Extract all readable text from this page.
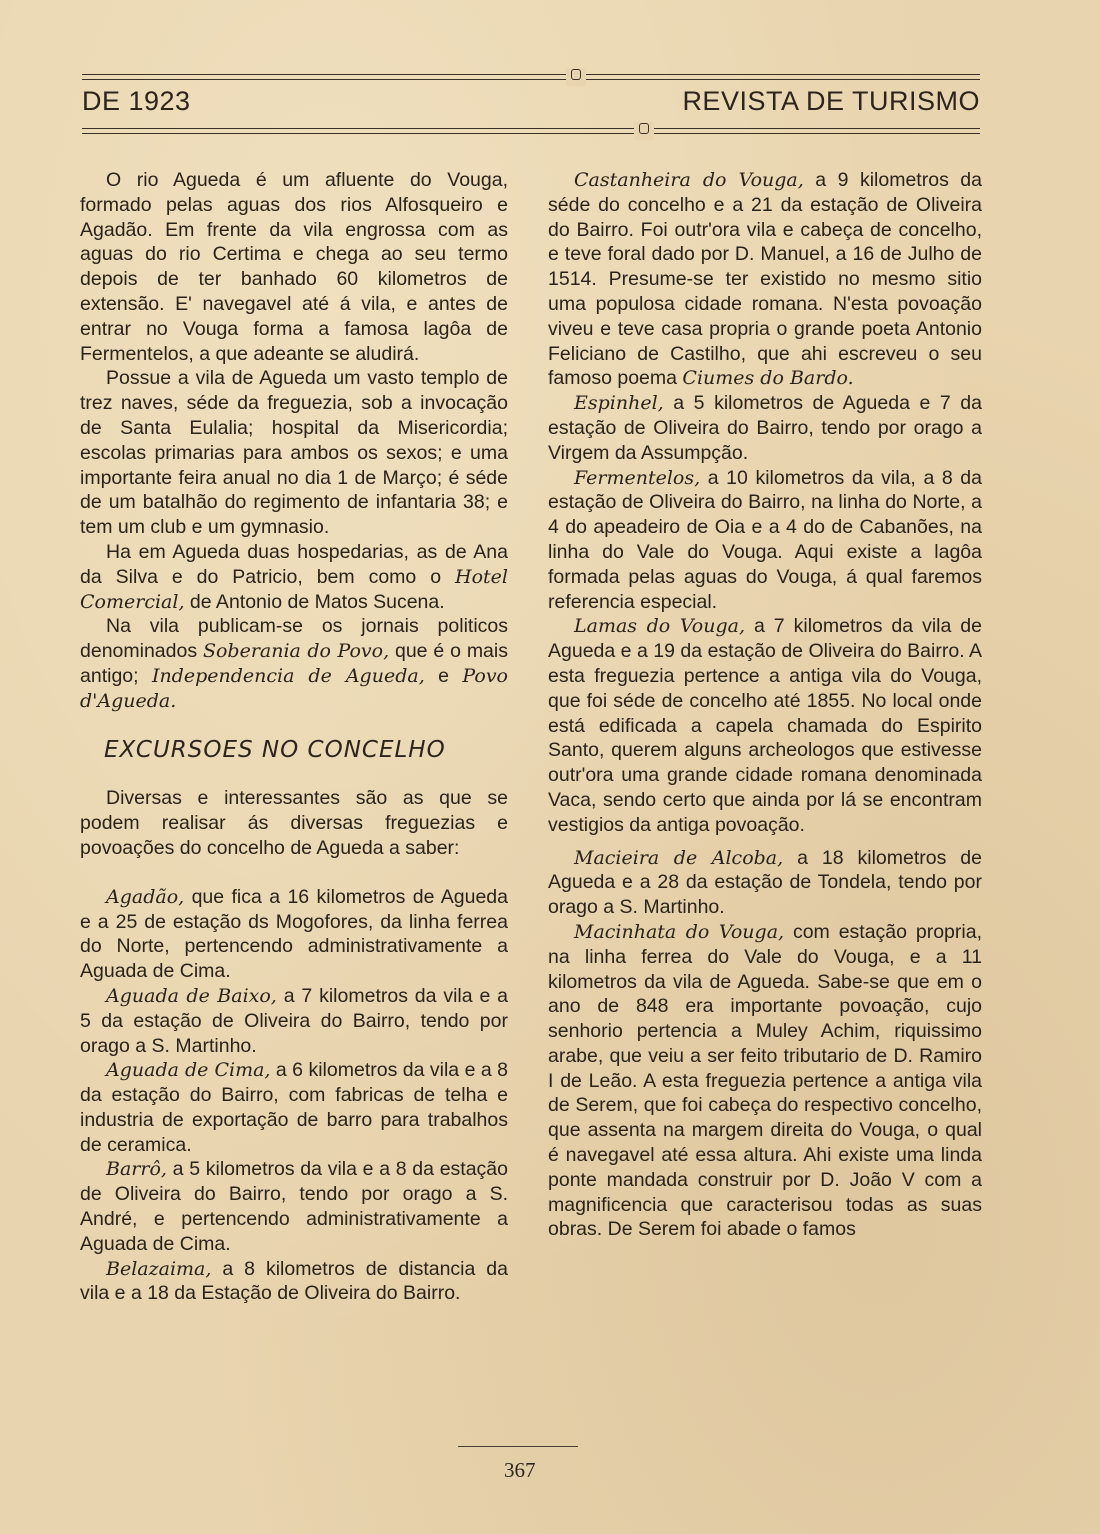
DE 1923	REVISTA DE TURISMO

O rio Agueda é um afluente do Vouga, formado pelas aguas dos rios Alfosqueiro e Agadão. Em frente da vila engrossa com as aguas do rio Certima e chega ao seu termo depois de ter banhado 60 kilometros de extensão. E' navegavel até á vila, e antes de entrar no Vouga forma a famosa lagôa de Fermentelos, a que adeante se aludirá.

Possue a vila de Agueda um vasto templo de trez naves, séde da freguezia, sob a invocação de Santa Eulalia; hospital da Misericordia; escolas primarias para ambos os sexos; e uma importante feira anual no dia 1 de Março; é séde de um batalhão do regimento de infantaria 38; e tem um club e um gymnasio.

Ha em Agueda duas hospedarias, as de Ana da Silva e do Patricio, bem como o Hotel Comercial, de Antonio de Matos Sucena.

Na vila publicam-se os jornais politicos denominados Soberania do Povo, que é o mais antigo; Independencia de Agueda, e Povo d'Agueda.

EXCURSOES NO CONCELHO

Diversas e interessantes são as que se podem realisar ás diversas freguezias e povoações do concelho de Agueda a saber:

Agadão, que fica a 16 kilometros de Agueda e a 25 de estação ds Mogofores, da linha ferrea do Norte, pertencendo administrativamente a Aguada de Cima.

Aguada de Baixo, a 7 kilometros da vila e a 5 da estação de Oliveira do Bairro, tendo por orago a S. Martinho.

Aguada de Cima, a 6 kilometros da vila e a 8 da estação do Bairro, com fabricas de telha e industria de exportação de barro para trabalhos de ceramica.

Barrô, a 5 kilometros da vila e a 8 da estação de Oliveira do Bairro, tendo por orago a S. André, e pertencendo administrativamente a Aguada de Cima.

Belazaima, a 8 kilometros de distancia da vila e a 18 da Estação de Oliveira do Bairro.

Castanheira do Vouga, a 9 kilometros da séde do concelho e a 21 da estação de Oliveira do Bairro. Foi outr'ora vila e cabeça de concelho, e teve foral dado por D. Manuel, a 16 de Julho de 1514. Presume-se ter existido no mesmo sitio uma populosa cidade romana. N'esta povoação viveu e teve casa propria o grande poeta Antonio Feliciano de Castilho, que ahi escreveu o seu famoso poema Ciumes do Bardo.

Espinhel, a 5 kilometros de Agueda e 7 da estação de Oliveira do Bairro, tendo por orago a Virgem da Assumpção.

Fermentelos, a 10 kilometros da vila, a 8 da estação de Oliveira do Bairro, na linha do Norte, a 4 do apeadeiro de Oia e a 4 do de Cabanões, na linha do Vale do Vouga. Aqui existe a lagôa formada pelas aguas do Vouga, á qual faremos referencia especial.

Lamas do Vouga, a 7 kilometros da vila de Agueda e a 19 da estação de Oliveira do Bairro. A esta freguezia pertence a antiga vila do Vouga, que foi séde de concelho até 1855. No local onde está edificada a capela chamada do Espirito Santo, querem alguns archeologos que estivesse outr'ora uma grande cidade romana denominada Vaca, sendo certo que ainda por lá se encontram vestigios da antiga povoação.

Macieira de Alcoba, a 18 kilometros de Agueda e a 28 da estação de Tondela, tendo por orago a S. Martinho.

Macinhata do Vouga, com estação propria, na linha ferrea do Vale do Vouga, e a 11 kilometros da vila de Agueda. Sabe-se que em o ano de 848 era importante povoação, cujo senhorio pertencia a Muley Achim, riquissimo arabe, que veiu a ser feito tributario de D. Ramiro I de Leão. A esta freguezia pertence a antiga vila de Serem, que foi cabeça do respectivo concelho, que assenta na margem direita do Vouga, o qual é navegavel até essa altura. Ahi existe uma linda ponte mandada construir por D. João V com a magnificencia que caracterisou todas as suas obras. De Serem foi abade o famos

367
